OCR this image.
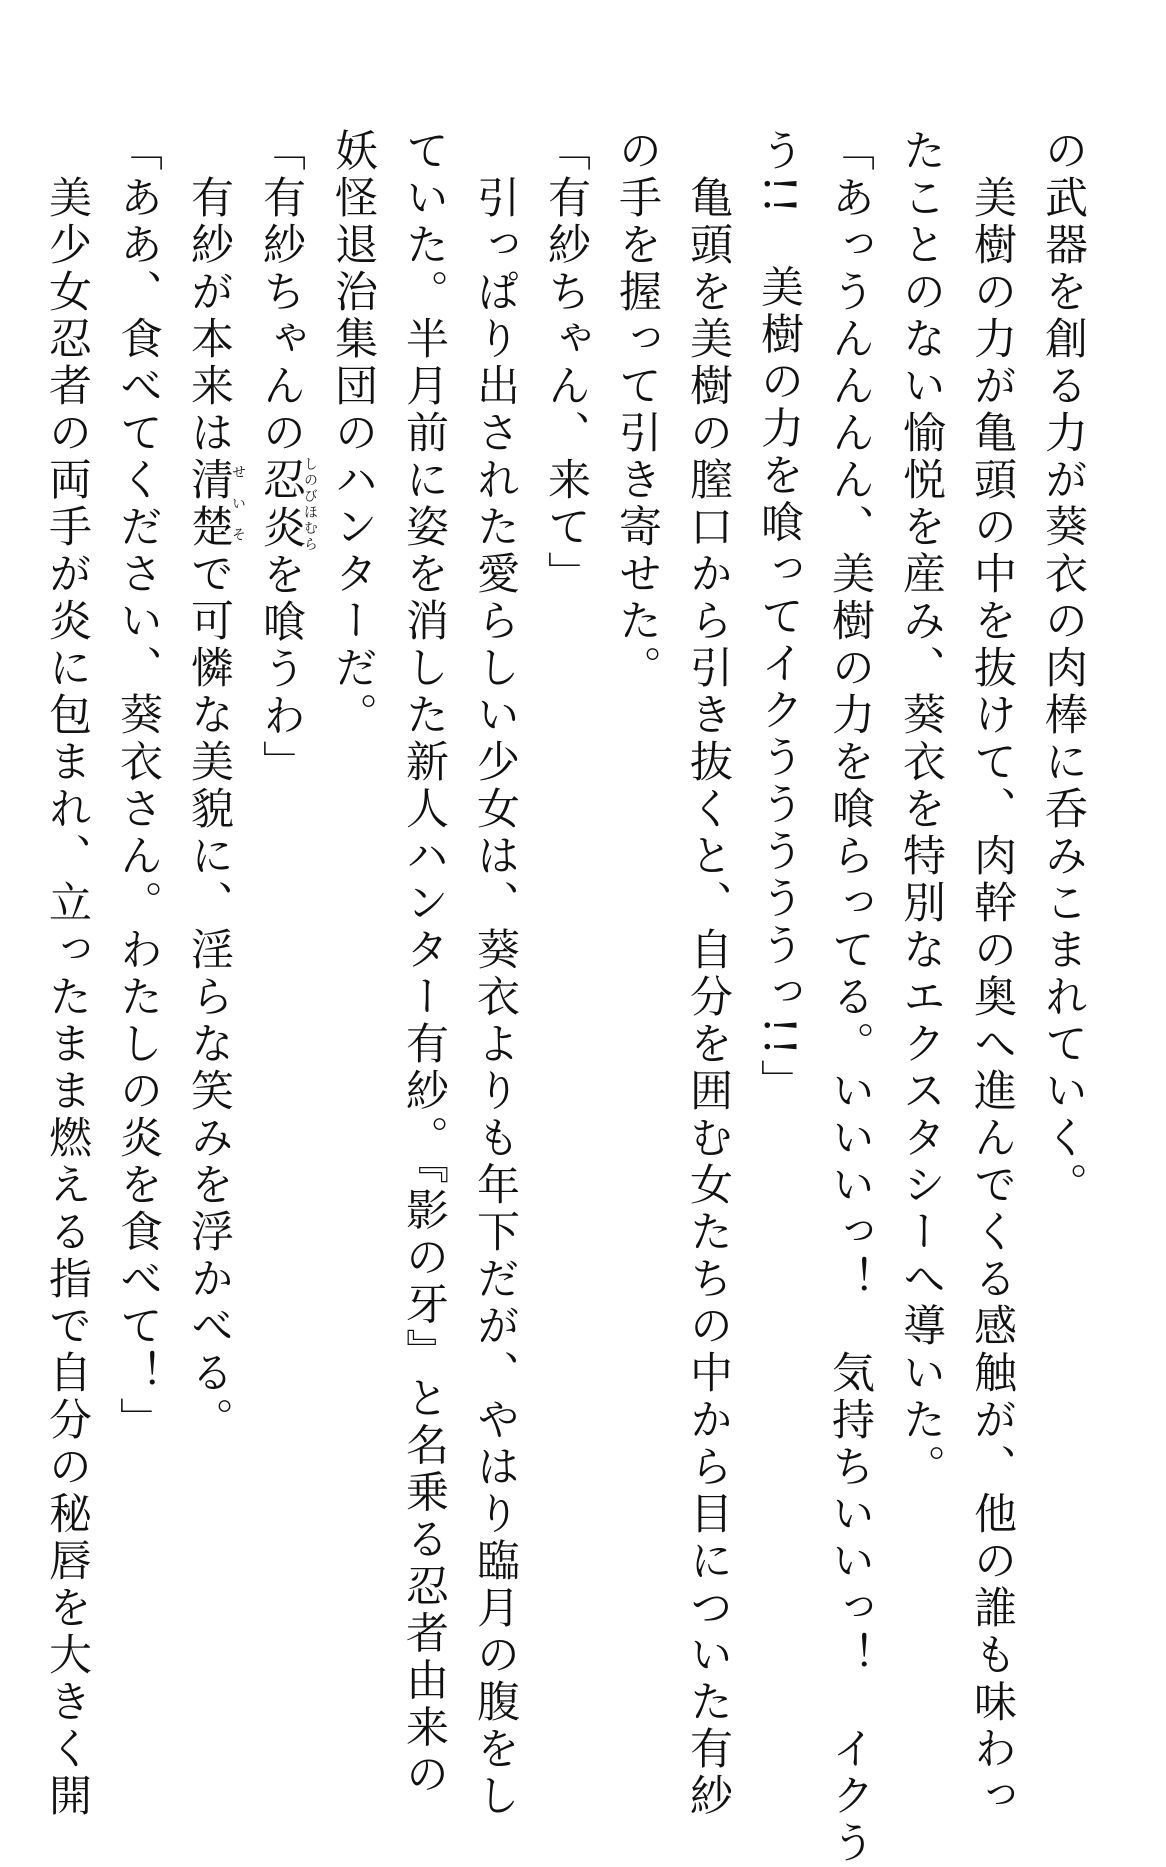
の武器を創る力が葵衣の肉棒に呑みこまれていく。
　美樹の力が亀頭の中を抜けて、肉幹の奥へ進んでくる感触が、他の誰も味わっ
たことのない愉悦を産み、葵衣を特別なエクスタシーへ導いた。
「あっうんんんん、美樹の力を喰らってる。いいいっ！　気持ちいいっ！　イクう
う!!　美樹の力を喰ってイクうううううっ!!」
　亀頭を美樹の膣口から引き抜くと、自分を囲む女たちの中から目についた有紗
の手を握って引き寄せた。
「有紗ちゃん、来て」
　引っぱり出された愛らしい少女は、葵衣よりも年下だが、やはり臨月の腹をし
ていた。半月前に姿を消した新人ハンター有紗。『影の牙』と名乗る忍者由来の
妖怪退治集団のハンターだ。
「有紗ちゃんの忍炎しのびほむらを喰うわ」
　有紗が本来は清楚せいそで可憐な美貌に、淫らな笑みを浮かべる。
「ああ、食べてください、葵衣さん。わたしの炎を食べて！」
　美少女忍者の両手が炎に包まれ、立ったまま燃える指で自分の秘唇を大きく開
